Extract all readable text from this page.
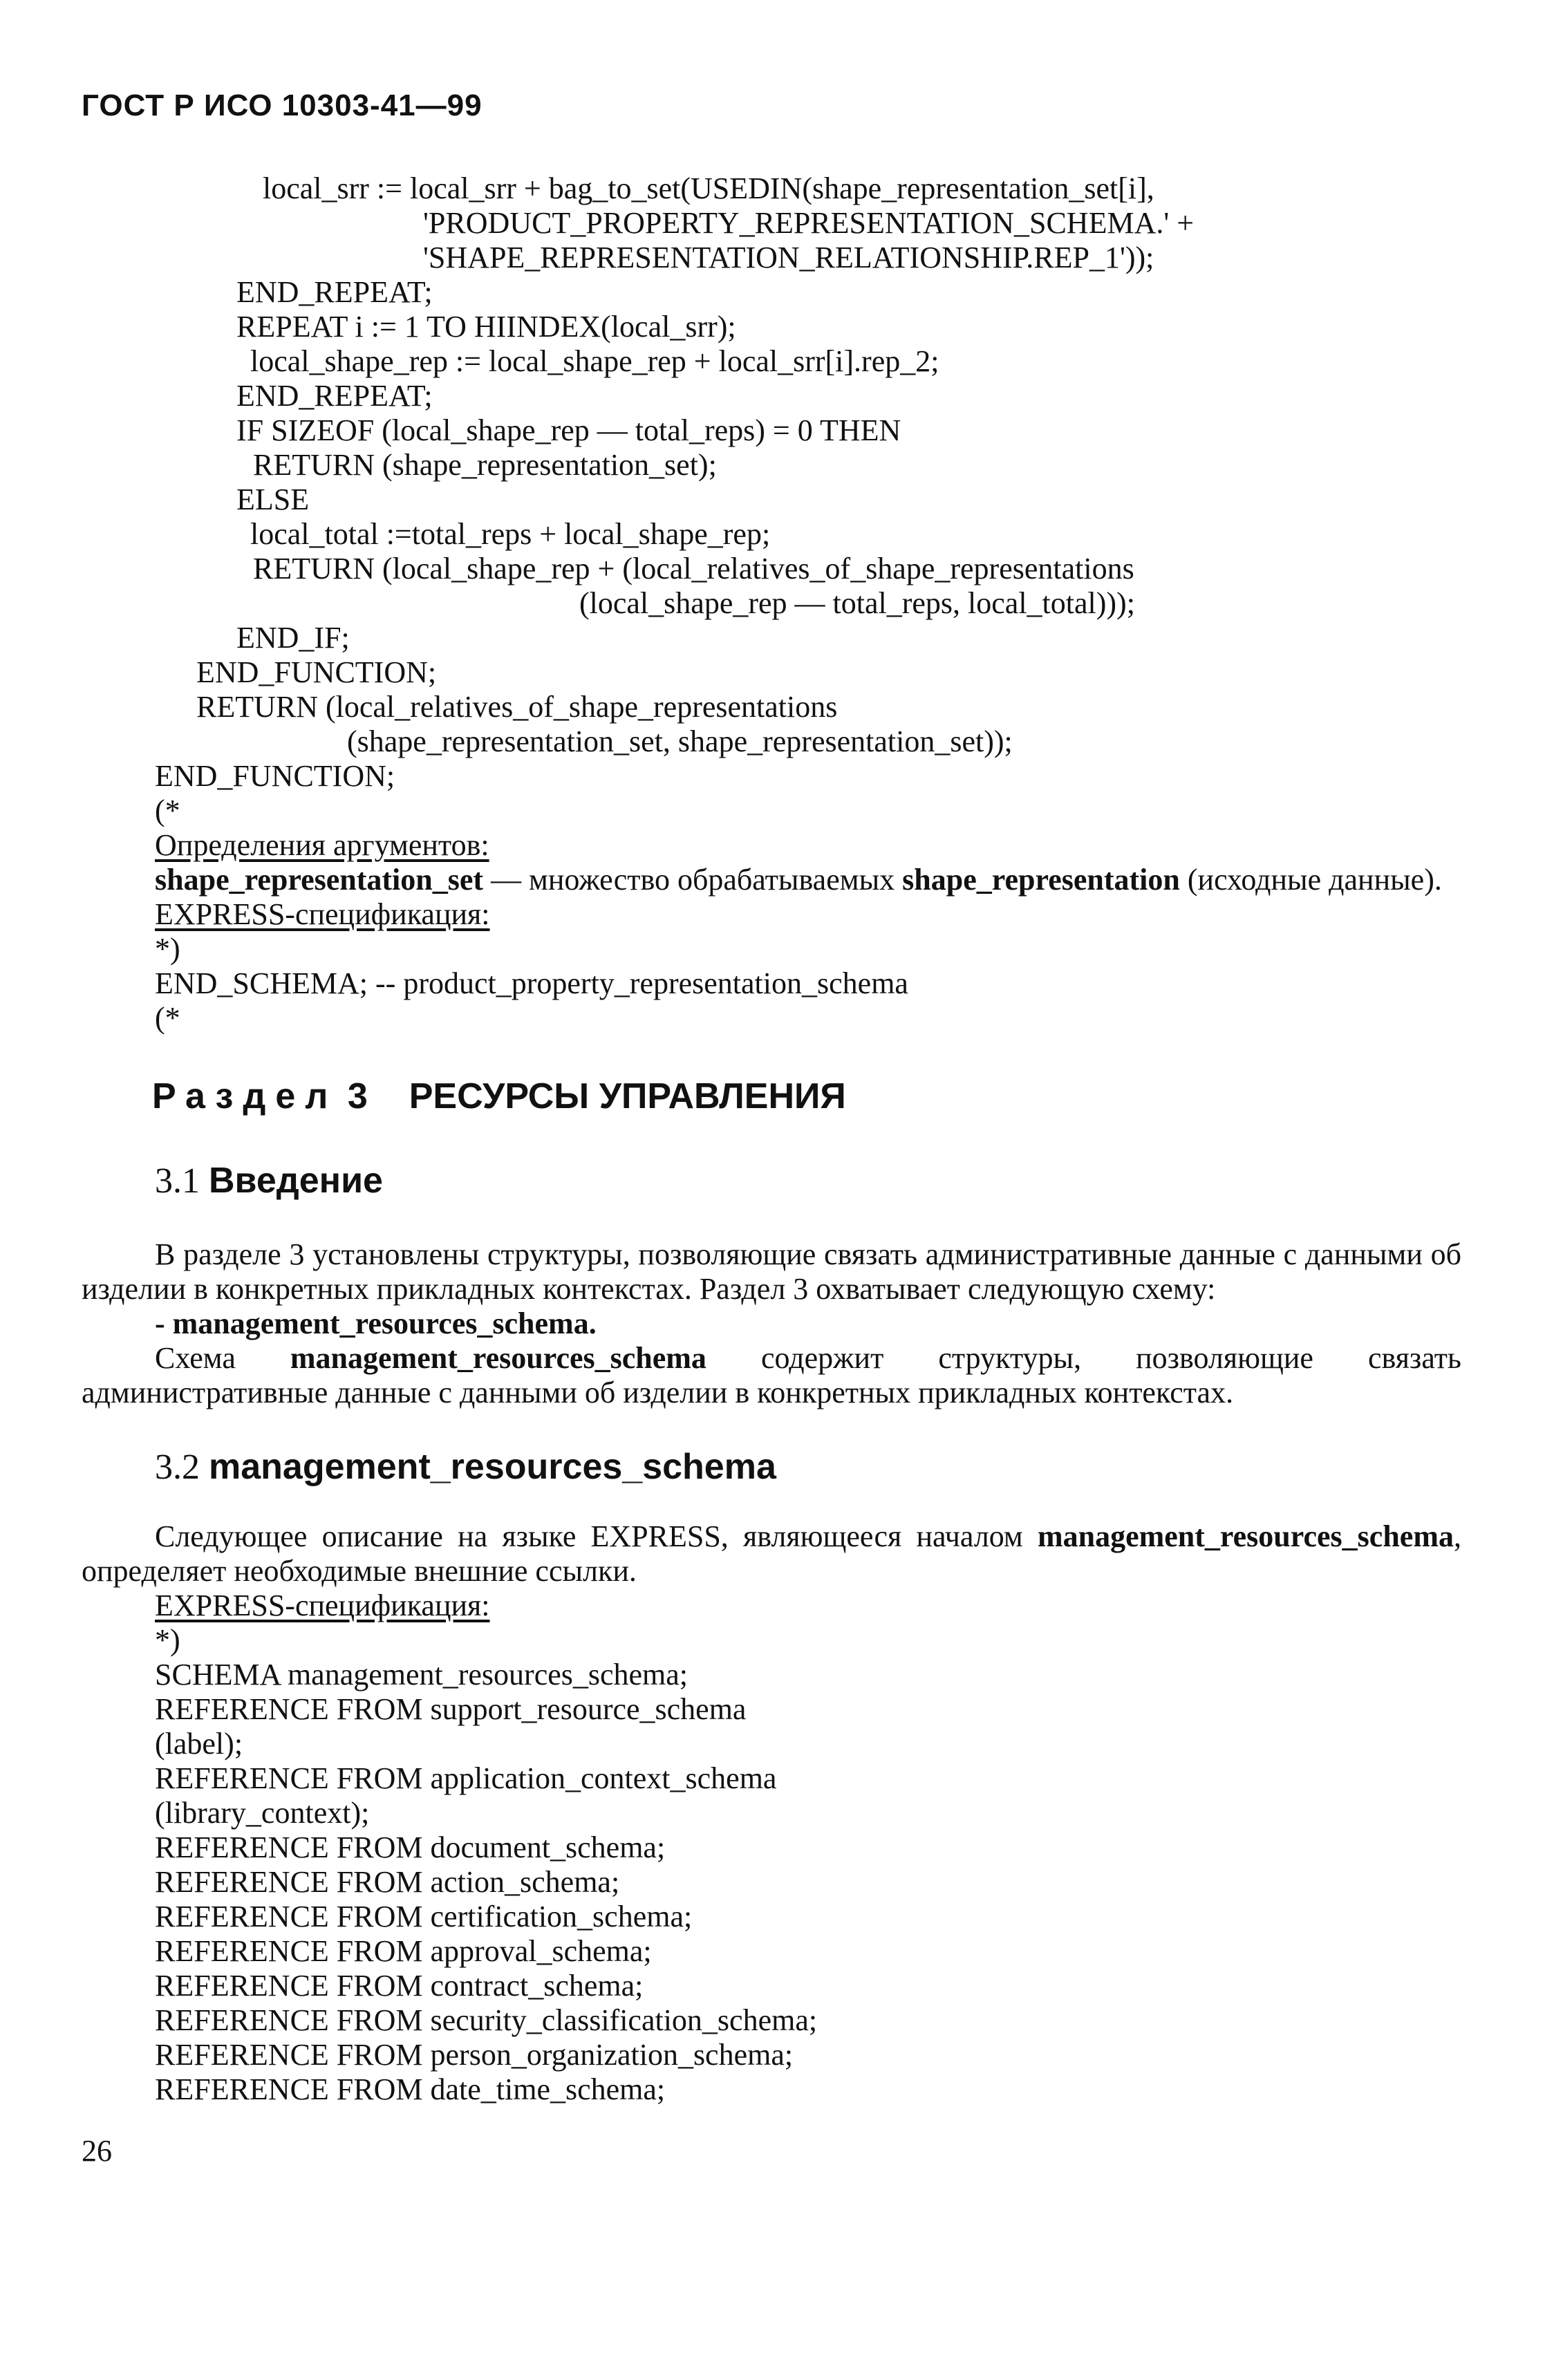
ГОСТ Р ИСО 10303-41—99
local_srr := local_srr + bag_to_set(USEDIN(shape_representation_set[i],
'PRODUCT_PROPERTY_REPRESENTATION_SCHEMA.' +
'SHAPE_REPRESENTATION_RELATIONSHIP.REP_1'));
END_REPEAT;
REPEAT i := 1 TO HIINDEX(local_srr);
local_shape_rep := local_shape_rep + local_srr[i].rep_2;
END_REPEAT;
IF SIZEOF (local_shape_rep — total_reps) = 0 THEN
RETURN (shape_representation_set);
ELSE
local_total :=total_reps + local_shape_rep;
RETURN (local_shape_rep + (local_relatives_of_shape_representations
(local_shape_rep — total_reps, local_total)));
END_IF;
END_FUNCTION;
RETURN (local_relatives_of_shape_representations
(shape_representation_set, shape_representation_set));
END_FUNCTION;
(*
Определения аргументов:
shape_representation_set — множество обрабатываемых shape_representation (исходные данные).
EXPRESS-спецификация:
*)
END_SCHEMA; -- product_property_representation_schema
(*
Раздел 3 РЕСУРСЫ УПРАВЛЕНИЯ
3.1 Введение
В разделе 3 установлены структуры, позволяющие связать административные данные с данными об изделии в конкретных прикладных контекстах. Раздел 3 охватывает следующую схему:
- management_resources_schema.
Схема management_resources_schema содержит структуры, позволяющие связать административные данные с данными об изделии в конкретных прикладных контекстах.
3.2 management_resources_schema
Следующее описание на языке EXPRESS, являющееся началом management_resources_schema, определяет необходимые внешние ссылки.
EXPRESS-спецификация:
*)
SCHEMA management_resources_schema;
REFERENCE FROM support_resource_schema
(label);
REFERENCE FROM application_context_schema
(library_context);
REFERENCE FROM document_schema;
REFERENCE FROM action_schema;
REFERENCE FROM certification_schema;
REFERENCE FROM approval_schema;
REFERENCE FROM contract_schema;
REFERENCE FROM security_classification_schema;
REFERENCE FROM person_organization_schema;
REFERENCE FROM date_time_schema;
26
